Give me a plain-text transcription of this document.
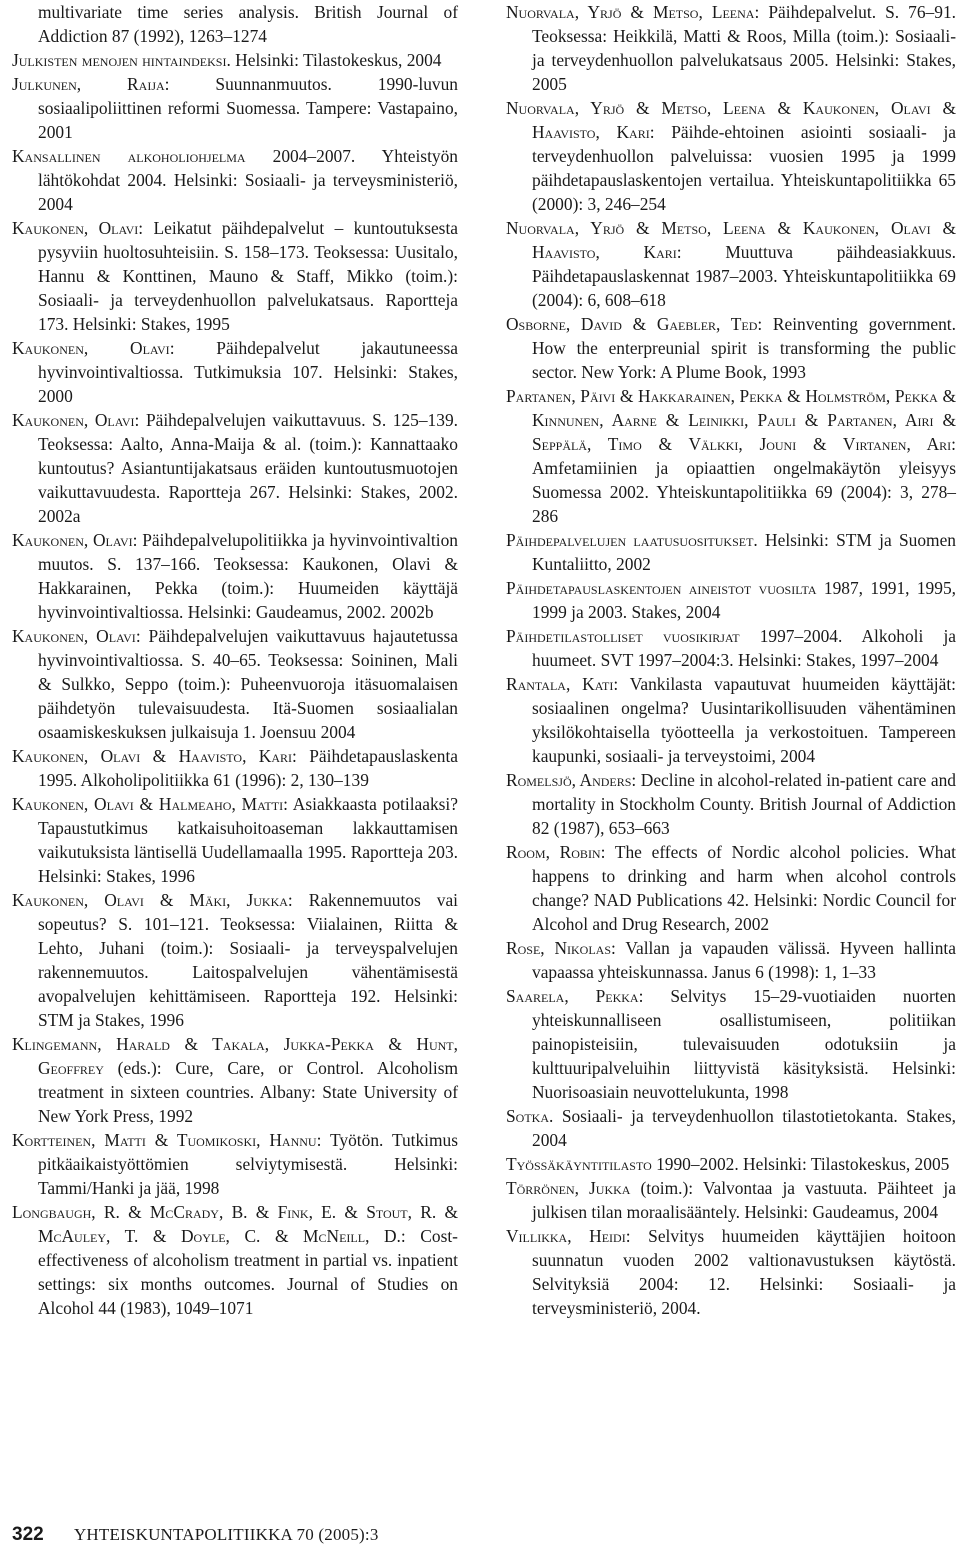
multivariate time series analysis. British Journal of Addiction 87 (1992), 1263–1274

Julkisten menojen hintaindeksi. Helsinki: Tilastokeskus, 2004

Julkunen, Raija: Suunnanmuutos. 1990-luvun sosiaalipoliittinen reformi Suomessa. Tampere: Vastapaino, 2001

Kansallinen alkoholiohjelma 2004–2007. Yhteistyön lähtökohdat 2004. Helsinki: Sosiaali- ja terveysministeriö, 2004

Kaukonen, Olavi: Leikatut päihdepalvelut – kuntoutuksesta pysyviin huoltosuhteisiin. S. 158–173. Teoksessa: Uusitalo, Hannu & Konttinen, Mauno & Staff, Mikko (toim.): Sosiaali- ja terveydenhuollon palvelukatsaus. Raportteja 173. Helsinki: Stakes, 1995

Kaukonen, Olavi: Päihdepalvelut jakautuneessa hyvinvointivaltiossa. Tutkimuksia 107. Helsinki: Stakes, 2000

Kaukonen, Olavi: Päihdepalvelujen vaikuttavuus. S. 125–139. Teoksessa: Aalto, Anna-Maija & al. (toim.): Kannattaako kuntoutus? Asiantuntijakatsaus eräiden kuntoutusmuotojen vaikuttavuudesta. Raportteja 267. Helsinki: Stakes, 2002. 2002a

Kaukonen, Olavi: Päihdepalvelupolitiikka ja hyvinvointivaltion muutos. S. 137–166. Teoksessa: Kaukonen, Olavi & Hakkarainen, Pekka (toim.): Huumeiden käyttäjä hyvinvointivaltiossa. Helsinki: Gaudeamus, 2002. 2002b

Kaukonen, Olavi: Päihdepalvelujen vaikuttavuus hajautetussa hyvinvointivaltiossa. S. 40–65. Teoksessa: Soininen, Mali & Sulkko, Seppo (toim.): Puheenvuoroja itäsuomalaisen päihdetyön tulevaisuudesta. Itä-Suomen sosiaalialan osaamiskeskuksen julkaisuja 1. Joensuu 2004

Kaukonen, Olavi & Haavisto, Kari: Päihdetapauslaskenta 1995. Alkoholipolitiikka 61 (1996): 2, 130–139

Kaukonen, Olavi & Halmeaho, Matti: Asiakkaasta potilaaksi? Tapaustutkimus katkaisuhoitoaseman lakkauttamisen vaikutuksista läntisellä Uudellamaalla 1995. Raportteja 203. Helsinki: Stakes, 1996

Kaukonen, Olavi & Mäki, Jukka: Rakennemuutos vai sopeutus? S. 101–121. Teoksessa: Viialainen, Riitta & Lehto, Juhani (toim.): Sosiaali- ja terveyspalvelujen rakennemuutos. Laitospalvelujen vähentämisestä avopalvelujen kehittämiseen. Raportteja 192. Helsinki: STM ja Stakes, 1996

Klingemann, Harald & Takala, Jukka-Pekka & Hunt, Geoffrey (eds.): Cure, Care, or Control. Alcoholism treatment in sixteen countries. Albany: State University of New York Press, 1992

Kortteinen, Matti & Tuomikoski, Hannu: Työtön. Tutkimus pitkäaikaistyöttömien selviytymisestä. Helsinki: Tammi/Hanki ja jää, 1998

Longbaugh, R. & McCrady, B. & Fink, E. & Stout, R. & McAuley, T. & Doyle, C. & McNeill, D.: Cost-effectiveness of alcoholism treatment in partial vs. inpatient settings: six months outcomes. Journal of Studies on Alcohol 44 (1983), 1049–1071

Nuorvala, Yrjö & Metso, Leena: Päihdepalvelut. S. 76–91. Teoksessa: Heikkilä, Matti & Roos, Milla (toim.): Sosiaali- ja terveydenhuollon palvelukatsaus 2005. Helsinki: Stakes, 2005

Nuorvala, Yrjö & Metso, Leena & Kaukonen, Olavi & Haavisto, Kari: Päihde-ehtoinen asiointi sosiaali- ja terveydenhuollon palveluissa: vuosien 1995 ja 1999 päihdetapauslaskentojen vertailua. Yhteiskuntapolitiikka 65 (2000): 3, 246–254

Nuorvala, Yrjö & Metso, Leena & Kaukonen, Olavi & Haavisto, Kari: Muuttuva päihdeasiakkuus. Päihdetapauslaskennat 1987–2003. Yhteiskuntapolitiikka 69 (2004): 6, 608–618

Osborne, David & Gaebler, Ted: Reinventing government. How the enterpreunial spirit is transforming the public sector. New York: A Plume Book, 1993

Partanen, Päivi & Hakkarainen, Pekka & Holmström, Pekka & Kinnunen, Aarne & Leinikki, Pauli & Partanen, Airi & Seppälä, Timo & Välkki, Jouni & Virtanen, Ari: Amfetamiinien ja opiaattien ongelmakäytön yleisyys Suomessa 2002. Yhteiskuntapolitiikka 69 (2004): 3, 278–286

Päihdepalvelujen laatusuositukset. Helsinki: STM ja Suomen Kuntaliitto, 2002

Päihdetapauslaskentojen aineistot vuosilta 1987, 1991, 1995, 1999 ja 2003. Stakes, 2004

Päihdetilastolliset vuosikirjat 1997–2004. Alkoholi ja huumeet. SVT 1997–2004:3. Helsinki: Stakes, 1997–2004

Rantala, Kati: Vankilasta vapautuvat huumeiden käyttäjät: sosiaalinen ongelma? Uusintarikollisuuden vähentäminen yksilökohtaisella työotteella ja verkostoituen. Tampereen kaupunki, sosiaali- ja terveystoimi, 2004

Romelsjö, Anders: Decline in alcohol-related in-patient care and mortality in Stockholm County. British Journal of Addiction 82 (1987), 653–663

Room, Robin: The effects of Nordic alcohol policies. What happens to drinking and harm when alcohol controls change? NAD Publications 42. Helsinki: Nordic Council for Alcohol and Drug Research, 2002

Rose, Nikolas: Vallan ja vapauden välissä. Hyveen hallinta vapaassa yhteiskunnassa. Janus 6 (1998): 1, 1–33

Saarela, Pekka: Selvitys 15–29-vuotiaiden nuorten yhteiskunnalliseen osallistumiseen, politiikan painopisteisiin, tulevaisuuden odotuksiin ja kulttuuripalveluihin liittyvistä käsityksistä. Helsinki: Nuorisoasiain neuvottelukunta, 1998

Sotka. Sosiaali- ja terveydenhuollon tilastotietokanta. Stakes, 2004

Työssäkäyntitilasto 1990–2002. Helsinki: Tilastokeskus, 2005

Törrönen, Jukka (toim.): Valvontaa ja vastuuta. Päihteet ja julkisen tilan moraalisääntely. Helsinki: Gaudeamus, 2004

Villikka, Heidi: Selvitys huumeiden käyttäjien hoitoon suunnatun vuoden 2002 valtionavustuksen käytöstä. Selvityksiä 2004: 12. Helsinki: Sosiaali- ja terveysministeriö, 2004.

322 YHTEISKUNTAPOLITIIKKA 70 (2005):3
